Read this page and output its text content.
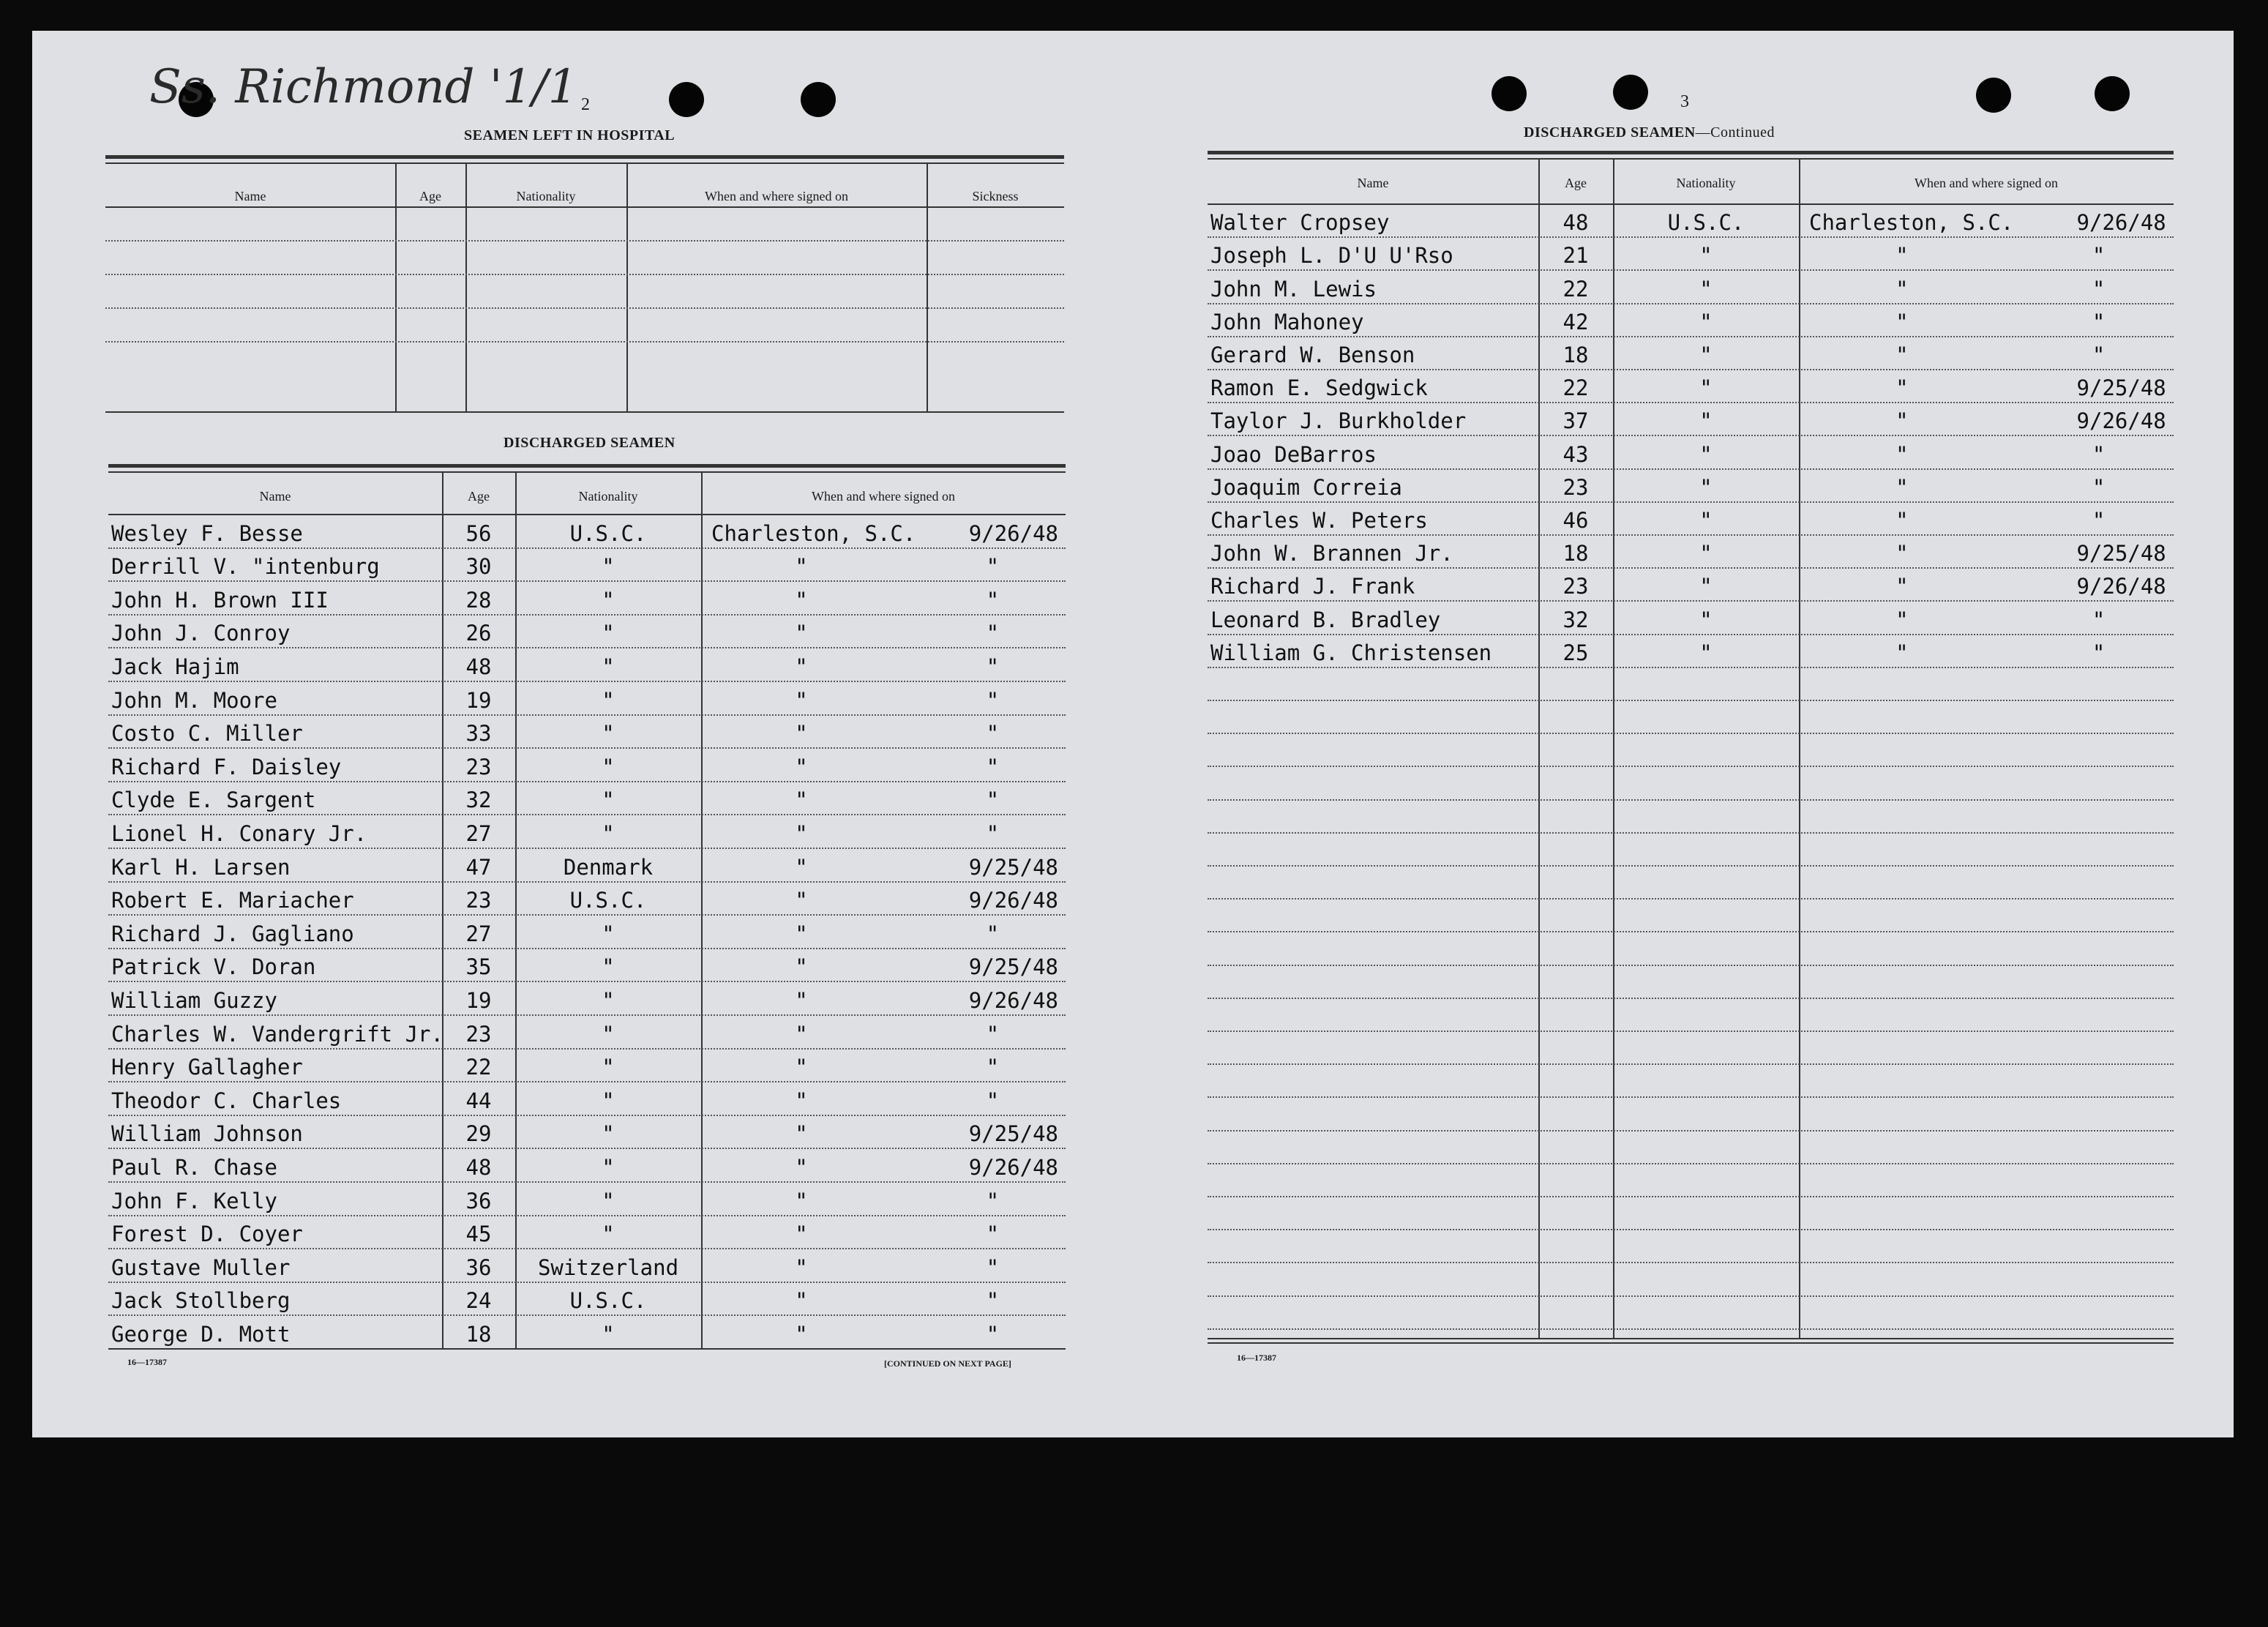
Ss. Richmond '1/1 2
SEAMEN LEFT IN HOSPITAL
Name	Age	Nationality	When and where signed on	Sickness
DISCHARGED SEAMEN
Name	Age	Nationality	When and where signed on
Wesley F. Besse	56	U.S.C.	Charleston, S.C.	9/26/48
Derrill V. "intenburg	30	"	"	"
John H. Brown III	28	"	"	"
John J. Conroy	26	"	"	"
Jack Hajim	48	"	"	"
John M. Moore	19	"	"	"
Costo C. Miller	33	"	"	"
Richard F. Daisley	23	"	"	"
Clyde E. Sargent	32	"	"	"
Lionel H. Conary Jr.	27	"	"	"
Karl H. Larsen	47	Denmark	"	9/25/48
Robert E. Mariacher	23	U.S.C.	"	9/26/48
Richard J. Gagliano	27	"	"	"
Patrick V. Doran	35	"	"	9/25/48
William Guzzy	19	"	"	9/26/48
Charles W. Vandergrift Jr.	23	"	"	"
Henry Gallagher	22	"	"	"
Theodor C. Charles	44	"	"	"
William Johnson	29	"	"	9/25/48
Paul R. Chase	48	"	"	9/26/48
John F. Kelly	36	"	"	"
Forest D. Coyer	45	"	"	"
Gustave Muller	36	Switzerland	"	"
Jack Stollberg	24	U.S.C.	"	"
George D. Mott	18	"	"	"
16—17387	[CONTINUED ON NEXT PAGE]
3
DISCHARGED SEAMEN—Continued
Name	Age	Nationality	When and where signed on
Walter Cropsey	48	U.S.C.	Charleston, S.C.	9/26/48
Joseph L. D'U U'Rso	21	"	"	"
John M. Lewis	22	"	"	"
John Mahoney	42	"	"	"
Gerard W. Benson	18	"	"	"
Ramon E. Sedgwick	22	"	"	9/25/48
Taylor J. Burkholder	37	"	"	9/26/48
Joao DeBarros	43	"	"	"
Joaquim Correia	23	"	"	"
Charles W. Peters	46	"	"	"
John W. Brannen Jr.	18	"	"	9/25/48
Richard J. Frank	23	"	"	9/26/48
Leonard B. Bradley	32	"	"	"
William G. Christensen	25	"	"	"
16—17387
